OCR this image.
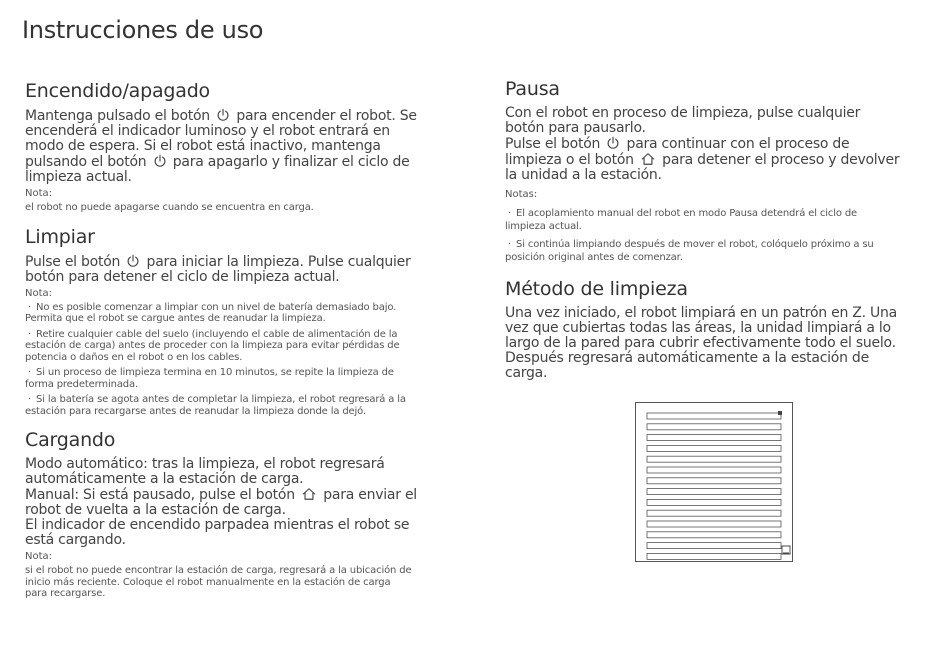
Instrucciones de uso
Encendido/apagado
Mantenga pulsado el botón  para encender el robot. Se
encenderá el indicador luminoso y el robot entrará en
modo de espera. Si el robot está inactivo, mantenga
pulsando el botón  para apagarlo y finalizar el ciclo de
limpieza actual.
Nota:
el robot no puede apagarse cuando se encuentra en carga.
Limpiar
Pulse el botón  para iniciar la limpieza. Pulse cualquier
botón para detener el ciclo de limpieza actual.
Nota:
· No es posible comenzar a limpiar con un nivel de batería demasiado bajo.
Permita que el robot se cargue antes de reanudar la limpieza.
· Retire cualquier cable del suelo (incluyendo el cable de alimentación de la
estación de carga) antes de proceder con la limpieza para evitar pérdidas de
potencia o daños en el robot o en los cables.
· Si un proceso de limpieza termina en 10 minutos, se repite la limpieza de
forma predeterminada.
· Si la batería se agota antes de completar la limpieza, el robot regresará a la
estación para recargarse antes de reanudar la limpieza donde la dejó.
Cargando
Modo automático: tras la limpieza, el robot regresará
automáticamente a la estación de carga.
Manual: Si está pausado, pulse el botón  para enviar el
robot de vuelta a la estación de carga.
El indicador de encendido parpadea mientras el robot se
está cargando.
Nota:
si el robot no puede encontrar la estación de carga, regresará a la ubicación de
inicio más reciente. Coloque el robot manualmente en la estación de carga
para recargarse.
Pausa
Con el robot en proceso de limpieza, pulse cualquier
botón para pausarlo.
Pulse el botón  para continuar con el proceso de
limpieza o el botón  para detener el proceso y devolver
la unidad a la estación.
Notas:
· El acoplamiento manual del robot en modo Pausa detendrá el ciclo de
limpieza actual.
· Si continúa limpiando después de mover el robot, colóquelo próximo a su
posición original antes de comenzar.
Método de limpieza
Una vez iniciado, el robot limpiará en un patrón en Z. Una
vez que cubiertas todas las áreas, la unidad limpiará a lo
largo de la pared para cubrir efectivamente todo el suelo.
Después regresará automáticamente a la estación de
carga.
